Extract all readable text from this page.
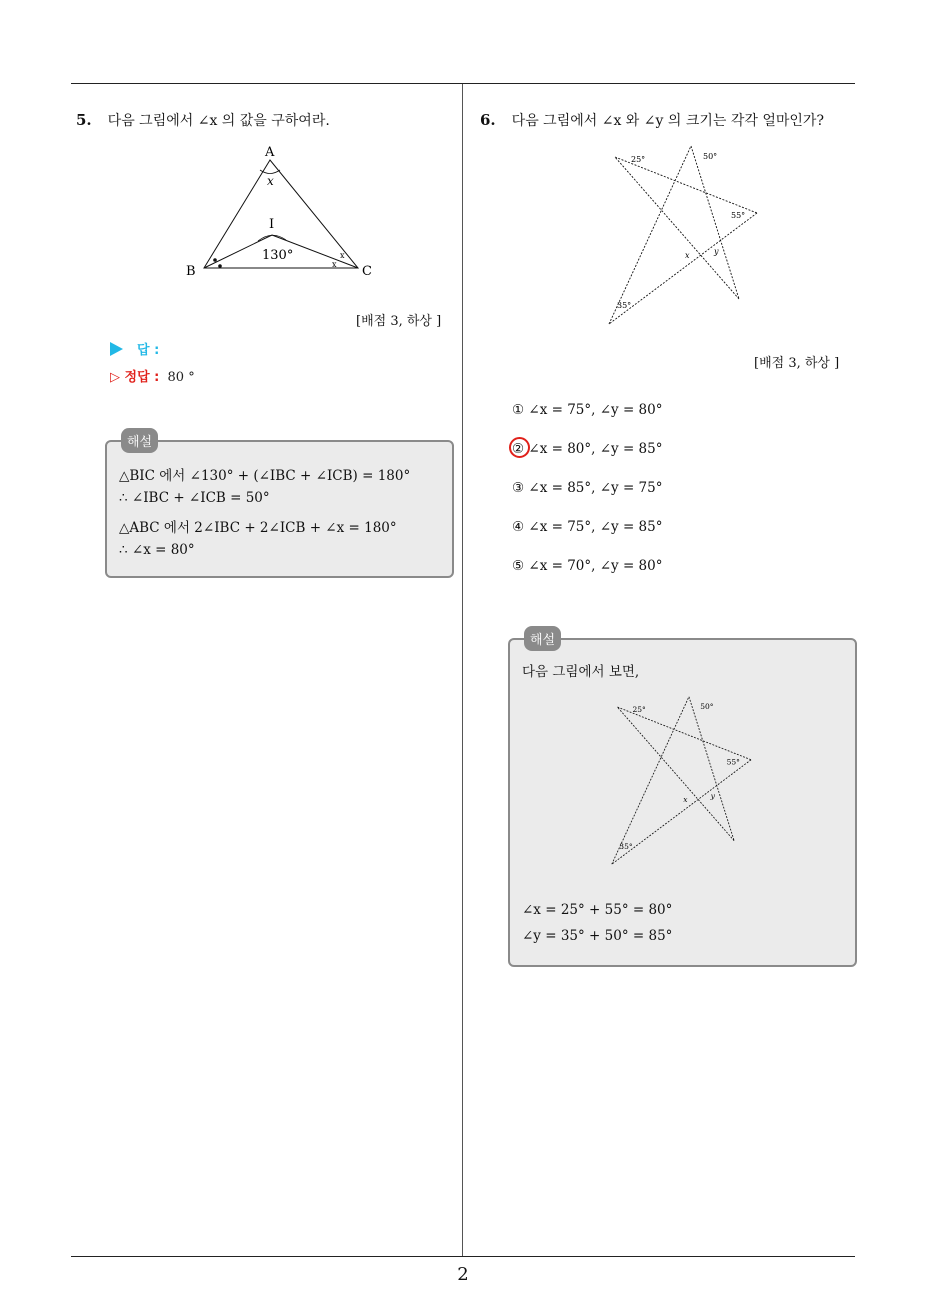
5. 다음 그림에서 ∠x 의 값을 구하여라.
x
x
A
B	C
I
130°
x
[배점 3, 하상 ]
답 :
▷ 정답 : 80 °
해설
△BIC 에서 ∠130° + (∠IBC + ∠ICB) = 180°
∴ ∠IBC + ∠ICB = 50°
△ABC 에서 2∠IBC + 2∠ICB + ∠x = 180°
∴ ∠x = 80°
6. 다음 그림에서 ∠x 와 ∠y 의 크기는 각각 얼마인가?
25°	50°
55°
35°
x	y
[배점 3, 하상 ]
① ∠x = 75°, ∠y = 80°
② ∠x = 80°, ∠y = 85°
③ ∠x = 85°, ∠y = 75°
④ ∠x = 75°, ∠y = 85°
⑤ ∠x = 70°, ∠y = 80°
해설
다음 그림에서 보면,
25°	50°
55°
35°
x	y
∠x = 25° + 55° = 80°
∠y = 35° + 50° = 85°
2
